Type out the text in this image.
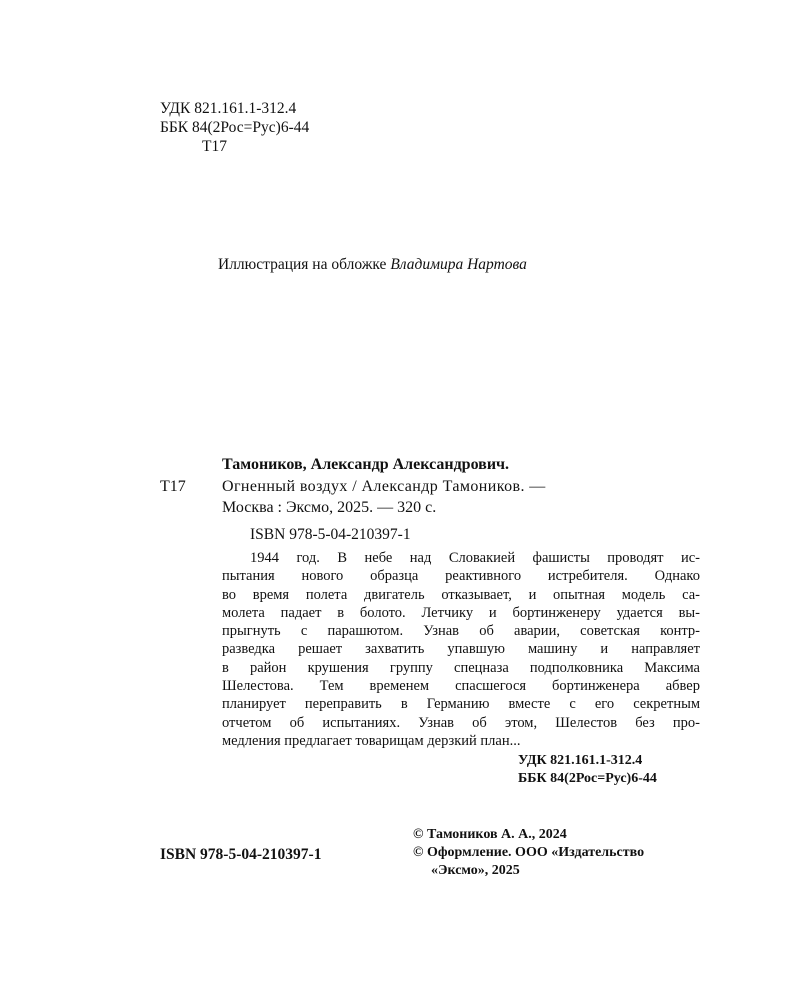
УДК 821.161.1-312.4
ББК 84(2Рос=Рус)6-44
Т17
Иллюстрация на обложке Владимира Нартова
Т17
Тамоников, Александр Александрович.
Огненный воздух / Александр Тамоников. —
Москва : Эксмо, 2025. — 320 с.
ISBN 978-5-04-210397-1
1944 год. В небе над Словакией фашисты проводят ис-
пытания нового образца реактивного истребителя. Однако
во время полета двигатель отказывает, и опытная модель са-
молета падает в болото. Летчику и бортинженеру удается вы-
прыгнуть с парашютом. Узнав об аварии, советская контр-
разведка решает захватить упавшую машину и направляет
в район крушения группу спецназа подполковника Максима
Шелестова. Тем временем спасшегося бортинженера абвер
планирует переправить в Германию вместе с его секретным
отчетом об испытаниях. Узнав об этом, Шелестов без про-
медления предлагает товарищам дерзкий план...
УДК 821.161.1-312.4
ББК 84(2Рос=Рус)6-44
© Тамоников А. А., 2024
© Оформление. ООО «Издательство
«Эксмо», 2025
ISBN 978-5-04-210397-1
